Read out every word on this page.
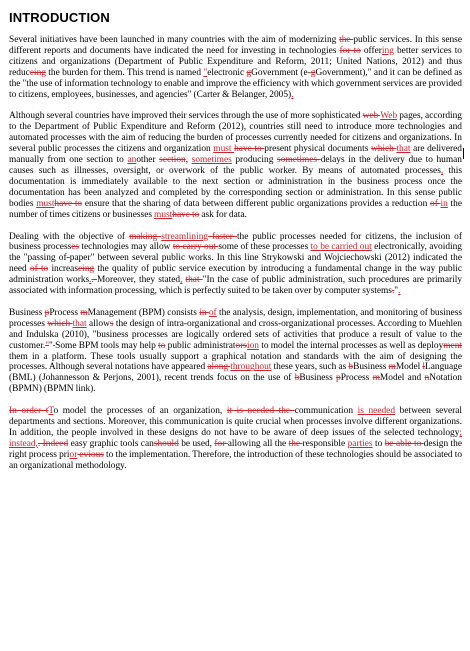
INTRODUCTION

Several initiatives have been launched in many countries with the aim of modernizing the public services. In this sense different reports and documents have indicated the need for investing in technologies for to offering better services to citizens and organizations (Department of Public Expenditure and Reform, 2011; United Nations, 2012) and thus reduceing the burden for them. This trend is named "electronic gGovernment (e-gGovernment)," and it can be defined as the "the use of information technology to enable and improve the efficiency with which government services are provided to citizens, employees, businesses, and agencies" (Carter & Belanger, 2005).

Although several countries have improved their services through the use of more sophisticated web Web pages, according to the Department of Public Expenditure and Reform (2012), countries still need to introduce more technologies and automated processes with the aim of reducing the burden of processes currently needed for citizens and organizations. In several public processes the citizens and organization must have to present physical documents which that are delivered manually from one section to another section, sometimes producing sometimes delays in the delivery due to human causes such as illnesses, oversight, or overwork of the public worker. By means of automated processes, this documentation is immediately available to the next section or administration in the business process once the documentation has been analyzed and completed by the corresponding section or administration. In this sense public bodies musthave to ensure that the sharing of data between different public organizations provides a reduction of in the number of times citizens or businesses musthave to ask for data.

Dealing with the objective of making streamlining faster the public processes needed for citizens, the inclusion of business processes technologies may allow to carry out some of these processes to be carried out electronically, avoiding the "passing of paper" between several public works. In this line Strykowski and Wojciechowski (2012) indicated the need of to increaseing the quality of public service execution by introducing a fundamental change in the way public administration works.. Moreover, they stated, that "In the case of public administration, such procedures are primarily associated with information processing, which is perfectly suited to be taken over by computer systems.".

Business pProcess mManagement (BPM) consists in of the analysis, design, implementation, and monitoring of business processes which that allows the design of intra-organizational and cross-organizational processes. According to Muehlen and Indulska (2010), "business processes are logically ordered sets of activities that produce a result of value to the customer."" Some BPM tools may help to public administratorsion to model the internal processes as well as deployment them in a platform. These tools usually support a graphical notation and standards with the aim of designing the processes. Although several notations have appeared along throughout these years, such as bBusiness mModel lLanguage (BML) (Johannesson & Perjons, 2001), recent trends focus on the use of bBusiness pProcess mModel and nNotation (BPMN) (BPMN link).

In order tTo model the processes of an organization, it is needed the communication is needed between several departments and sections. Moreover, this communication is quite crucial when processes involve different organizations. In addition, the people involved in these designs do not have to be aware of deep issues of the selected technology; instead,. Indeed easy graphic tools canshould be used, for allowing all the the responsible parties to be able to design the right process prior evious to the implementation. Therefore, the introduction of these technologies should be associated to an organizational methodology.
